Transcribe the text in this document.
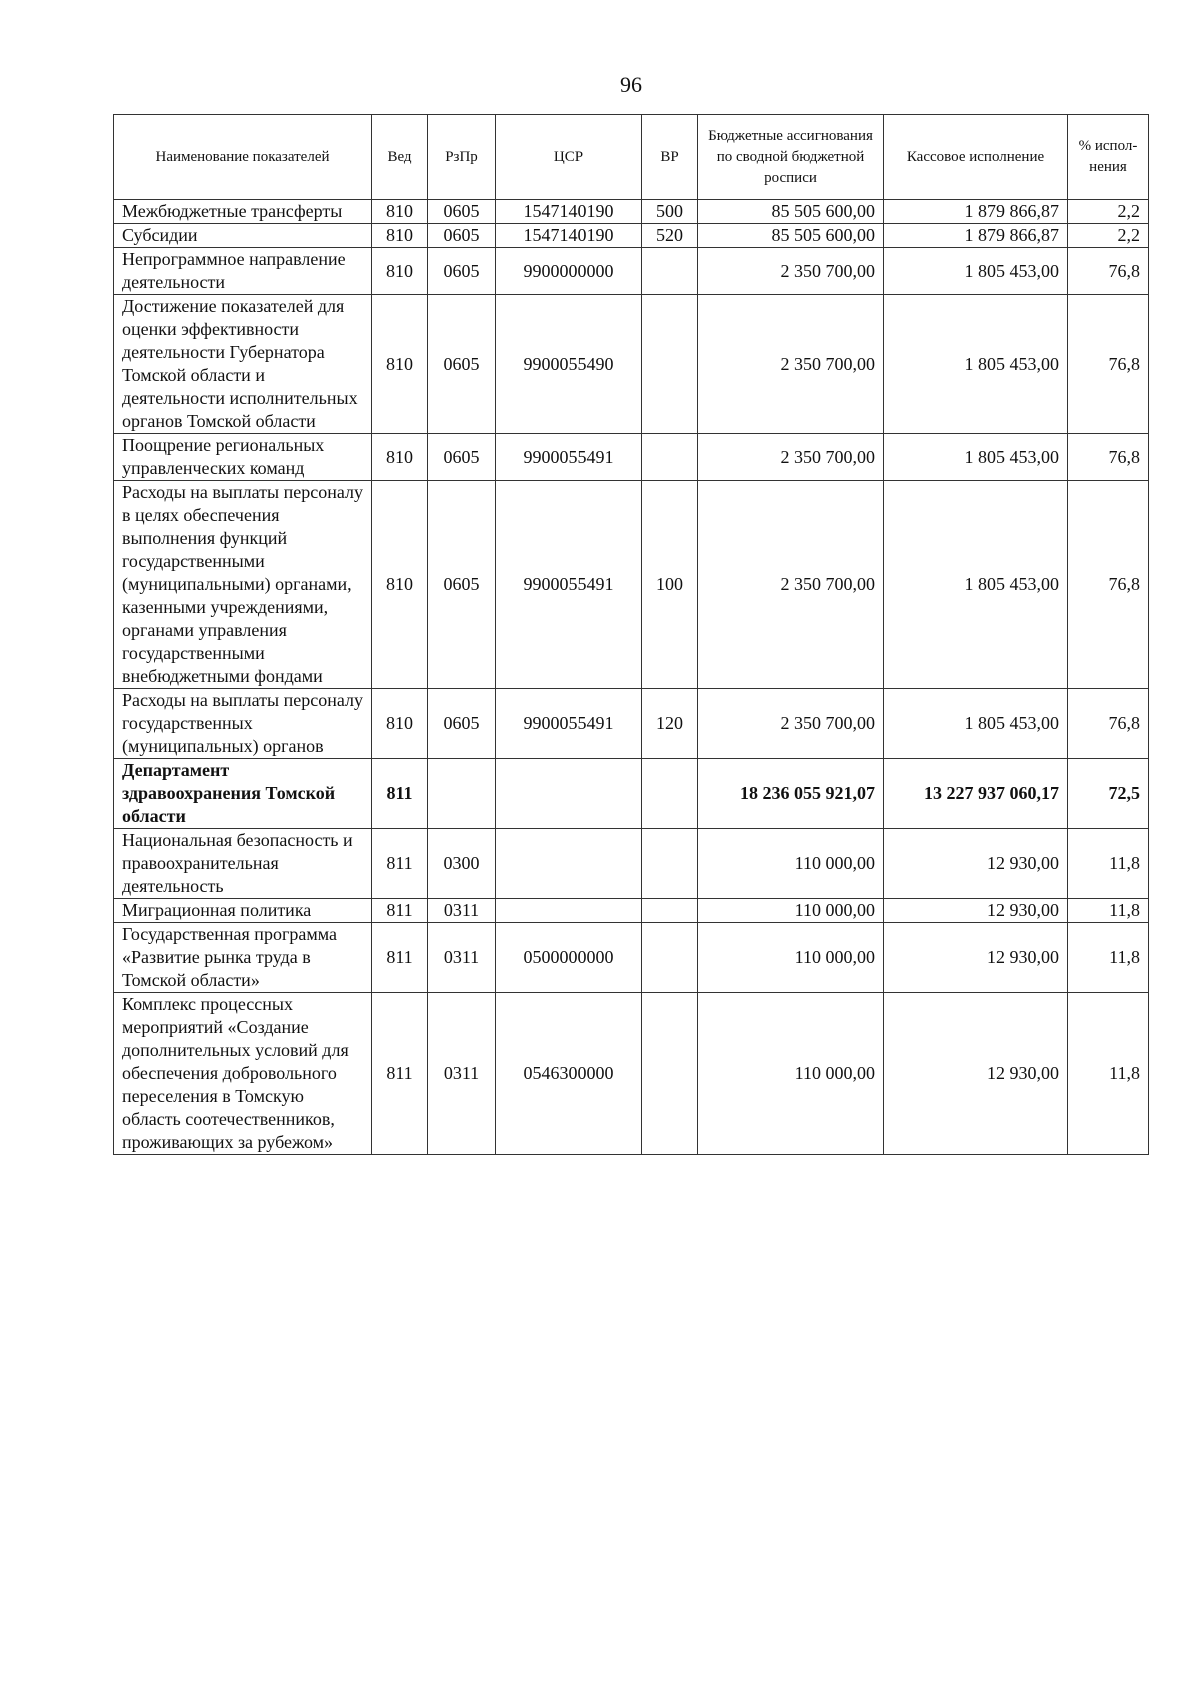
96
Наименование показателей	Вед	РзПр	ЦСР	ВР	Бюджетные ассигнования по сводной бюджетной росписи	Кассовое исполнение	% испол-нения
Межбюджетные трансферты	810	0605	1547140190	500	85 505 600,00	1 879 866,87	2,2
Субсидии	810	0605	1547140190	520	85 505 600,00	1 879 866,87	2,2
Непрограммное направление деятельности	810	0605	9900000000		2 350 700,00	1 805 453,00	76,8
Достижение показателей для оценки эффективности деятельности Губернатора Томской области и деятельности исполнительных органов Томской области	810	0605	9900055490		2 350 700,00	1 805 453,00	76,8
Поощрение региональных управленческих команд	810	0605	9900055491		2 350 700,00	1 805 453,00	76,8
Расходы на выплаты персоналу в целях обеспечения выполнения функций государственными (муниципальными) органами, казенными учреждениями, органами управления государственными внебюджетными фондами	810	0605	9900055491	100	2 350 700,00	1 805 453,00	76,8
Расходы на выплаты персоналу государственных (муниципальных) органов	810	0605	9900055491	120	2 350 700,00	1 805 453,00	76,8
Департамент здравоохранения Томской области	811				18 236 055 921,07	13 227 937 060,17	72,5
Национальная безопасность и правоохранительная деятельность	811	0300			110 000,00	12 930,00	11,8
Миграционная политика	811	0311			110 000,00	12 930,00	11,8
Государственная программа «Развитие рынка труда в Томской области»	811	0311	0500000000		110 000,00	12 930,00	11,8
Комплекс процессных мероприятий «Создание дополнительных условий для обеспечения добровольного переселения в Томскую область соотечественников, проживающих за рубежом»	811	0311	0546300000		110 000,00	12 930,00	11,8
